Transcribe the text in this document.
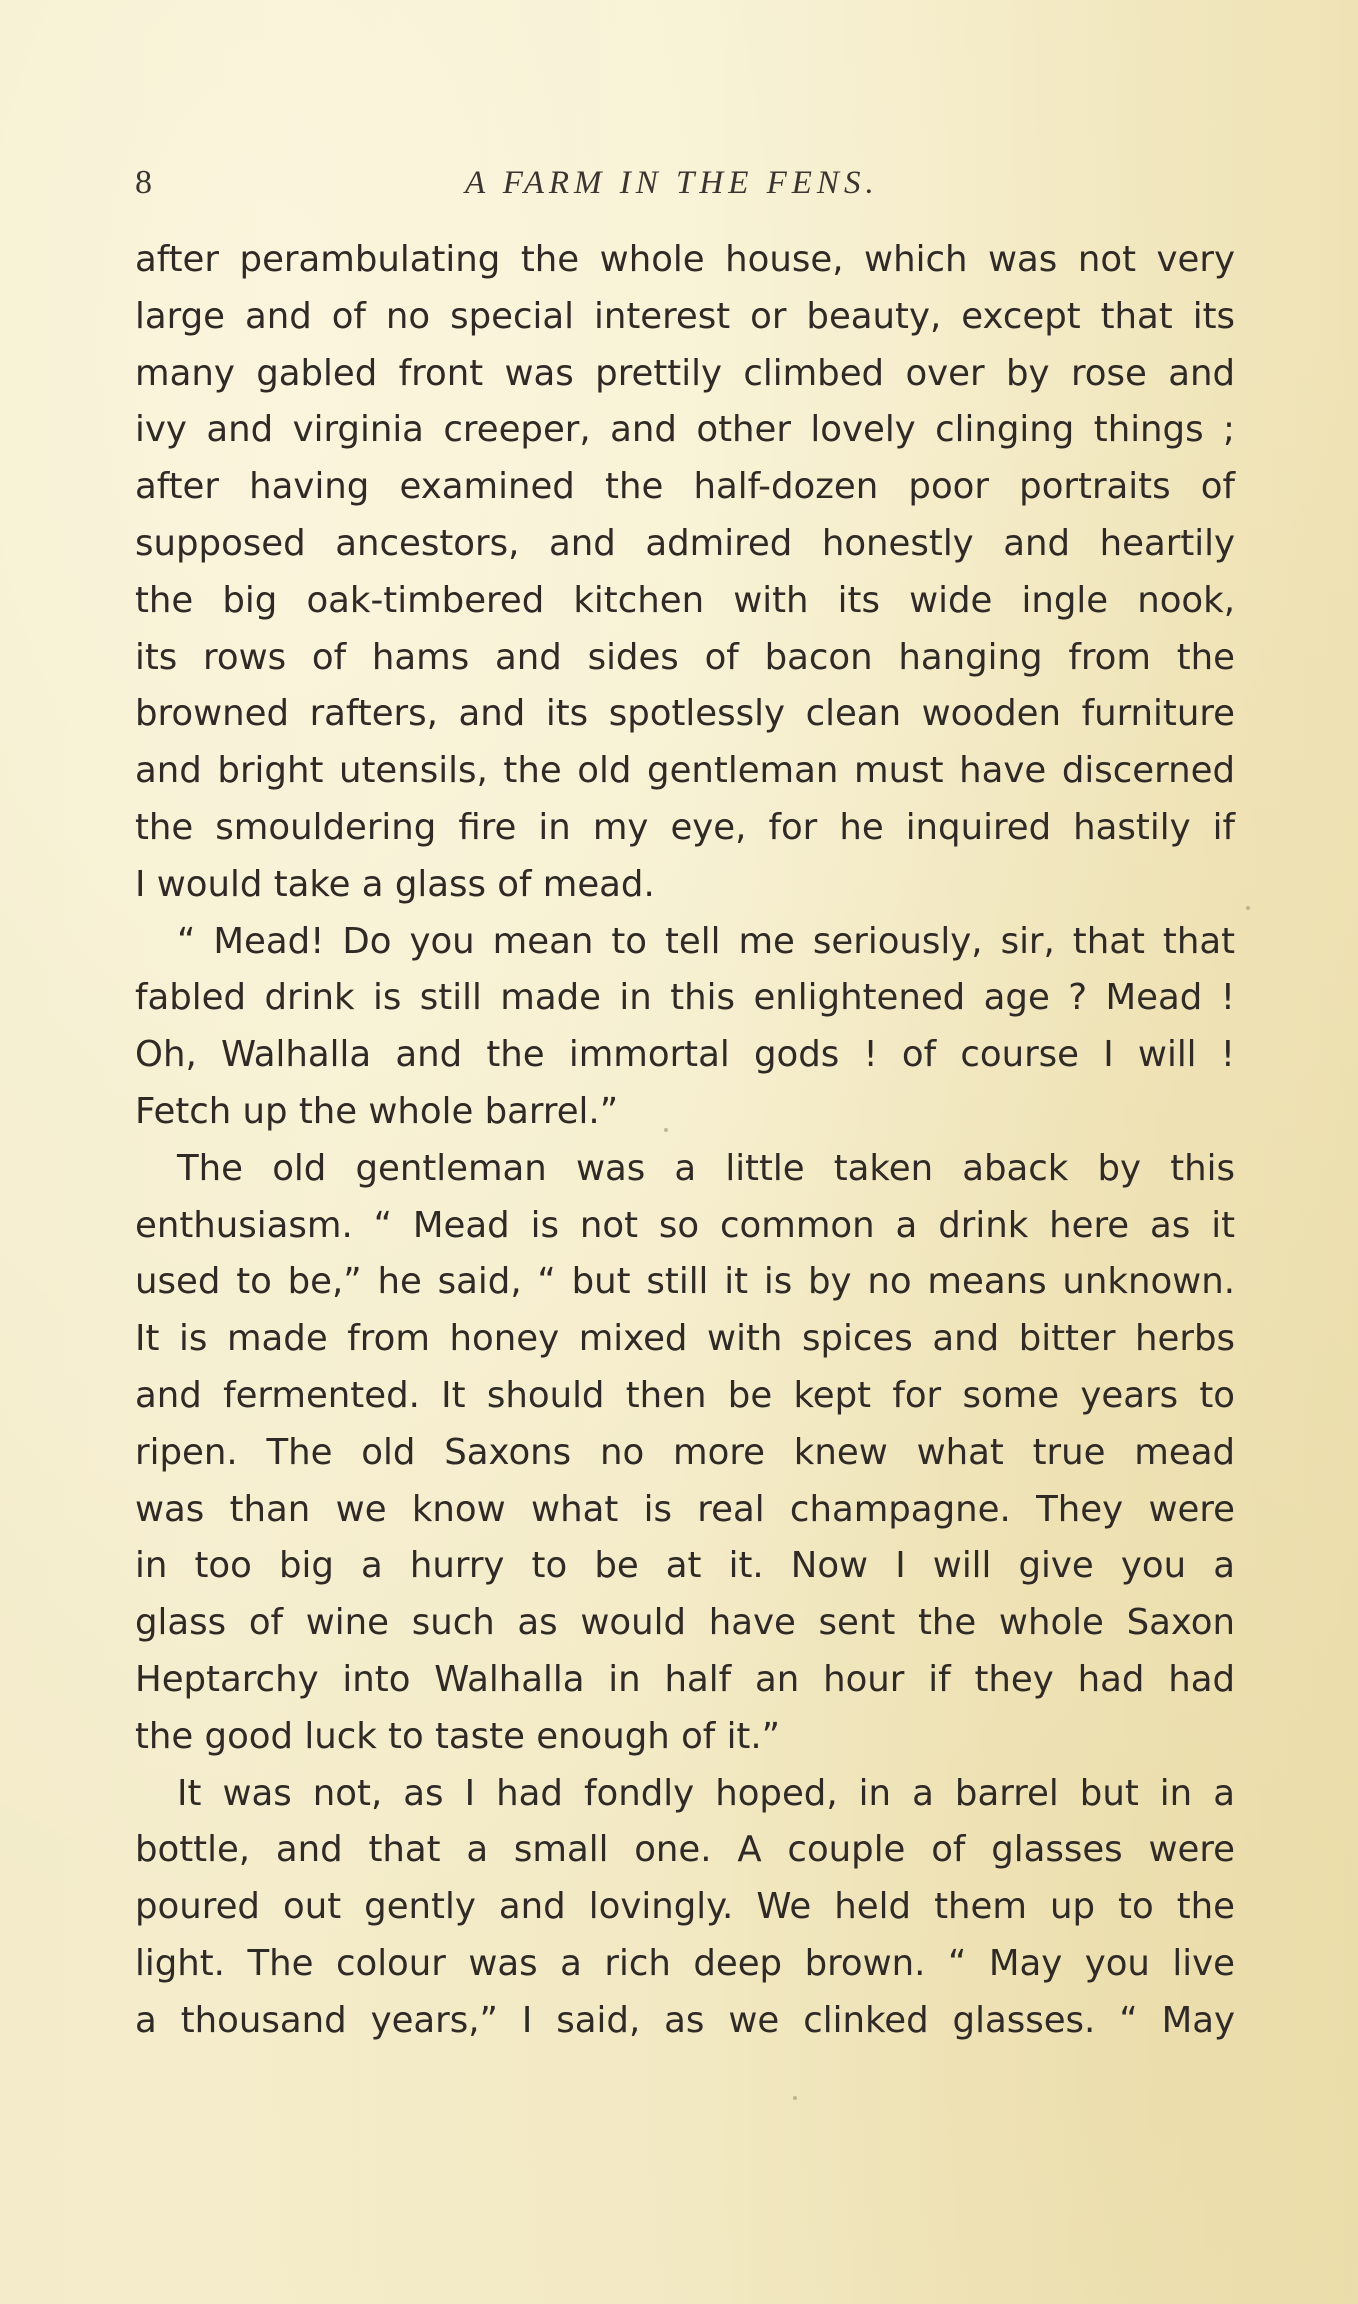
8	A FARM IN THE FENS.
after perambulating the whole house, which was not very
large and of no special interest or beauty, except that its
many gabled front was prettily climbed over by rose and
ivy and virginia creeper, and other lovely clinging things ;
after having examined the half-dozen poor portraits of
supposed ancestors, and admired honestly and heartily
the big oak-timbered kitchen with its wide ingle nook,
its rows of hams and sides of bacon hanging from the
browned rafters, and its spotlessly clean wooden furniture
and bright utensils, the old gentleman must have discerned
the smouldering fire in my eye, for he inquired hastily if
I would take a glass of mead.
“ Mead! Do you mean to tell me seriously, sir, that that
fabled drink is still made in this enlightened age ? Mead !
Oh, Walhalla and the immortal gods ! of course I will !
Fetch up the whole barrel.”
The old gentleman was a little taken aback by this
enthusiasm. “ Mead is not so common a drink here as it
used to be,” he said, “ but still it is by no means unknown.
It is made from honey mixed with spices and bitter herbs
and fermented. It should then be kept for some years to
ripen. The old Saxons no more knew what true mead
was than we know what is real champagne. They were
in too big a hurry to be at it. Now I will give you a
glass of wine such as would have sent the whole Saxon
Heptarchy into Walhalla in half an hour if they had had
the good luck to taste enough of it.”
It was not, as I had fondly hoped, in a barrel but in a
bottle, and that a small one. A couple of glasses were
poured out gently and lovingly. We held them up to the
light. The colour was a rich deep brown. “ May you live
a thousand years,” I said, as we clinked glasses. “ May
